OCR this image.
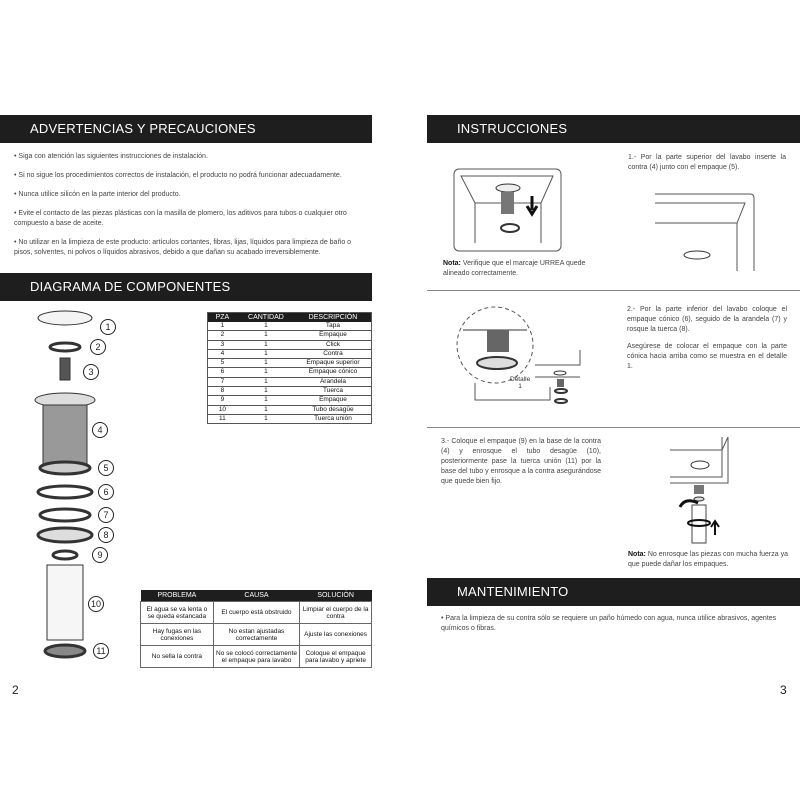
ADVERTENCIAS Y PRECAUCIONES
• Siga con atención las siguientes instrucciones de instalación.
• Si no sigue los procedimientos correctos de instalación, el producto no podrá funcionar adecuadamente.
• Nunca utilice silicón en la parte interior del producto.
• Evite el contacto de las piezas plásticas con la masilla de plomero, los aditivos para tubos o cualquier otro compuesto a base de aceite.
• No utilizar en la limpieza de este producto: artículos cortantes, fibras, lijas, líquidos para limpieza de baño o pisos, solventes, ni polvos o líquidos abrasivos, debido a que dañan su acabado irreversiblemente.
DIAGRAMA DE COMPONENTES
1
2
3
4
5
6
7
8
9
10
11
PZA	CANTIDAD	DESCRIPCIÓN
1	1	Tapa
2	1	Empaque
3	1	Click
4	1	Contra
5	1	Empaque superior
6	1	Empaque cónico
7	1	Arandela
8	1	Tuerca
9	1	Empaque
10	1	Tubo desagüe
11	1	Tuerca unión
PROBLEMA	CAUSA	SOLUCIÓN
El agua se va lenta o se queda estancada	El cuerpo está obstruido	Limpiar el cuerpo de la contra
Hay fugas en las conexiones	No estan ajustadas correctamente	Ajuste las conexiones
No sella la contra	No se colocó correctamente el empaque para lavabo	Coloque el empaque para lavabo y apriete
2
INSTRUCCIONES
Nota: Verifique que el marcaje URREA quede alineado correctamente.
1.- Por la parte superior del lavabo inserte la contra (4) junto con el empaque (5).
Detalle
1
2.- Por la parte inferior del lavabo coloque el empaque cónico (6), seguido de la arandela (7) y rosque la tuerca (8).
Asegúrese de colocar el empaque con la parte cónica hacia arriba como se muestra en el detalle 1.
3.- Coloque el empaque (9) en la base de la contra (4) y enrosque el tubo desagüe (10), posteriormente pase la tuerca unión (11) por la base del tubo y enrosque a la contra asegurándose que quede bien fijo.
Nota: No enrosque las piezas con mucha fuerza ya que puede dañar los empaques.
MANTENIMIENTO
• Para la limpieza de su contra sólo se requiere un paño húmedo con agua, nunca utilice abrasivos, agentes químicos o fibras.
3
